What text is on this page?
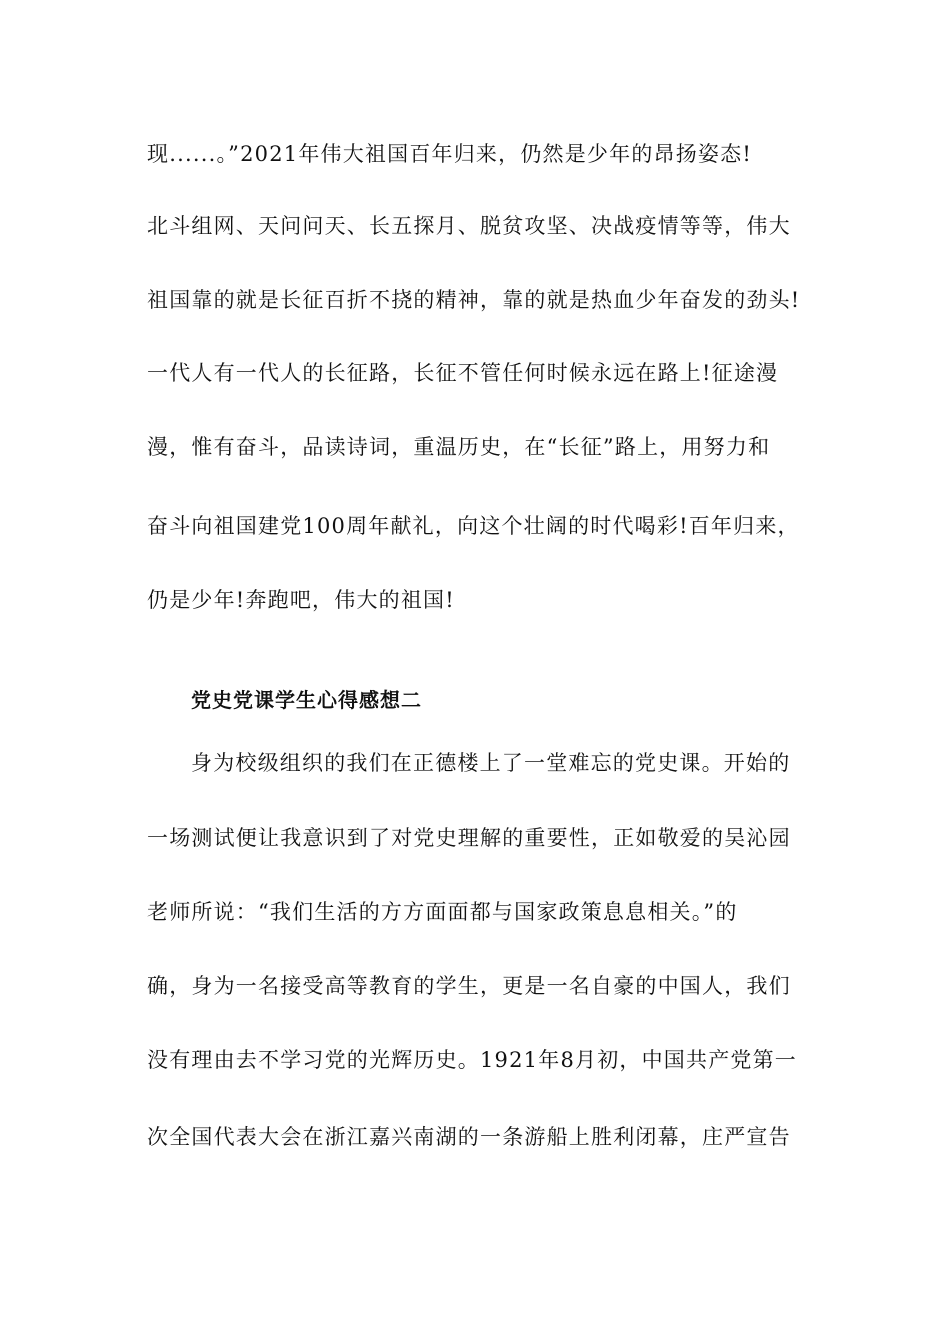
现......。”2021年伟大祖国百年归来，仍然是少年的昂扬姿态!
北斗组网、天问问天、长五探月、脱贫攻坚、决战疫情等等，伟大
祖国靠的就是长征百折不挠的精神，靠的就是热血少年奋发的劲头!
一代人有一代人的长征路，长征不管任何时候永远在路上!征途漫
漫，惟有奋斗，品读诗词，重温历史，在“长征”路上，用努力和
奋斗向祖国建党100周年献礼，向这个壮阔的时代喝彩!百年归来，
仍是少年!奔跑吧，伟大的祖国!
党史党课学生心得感想二
身为校级组织的我们在正德楼上了一堂难忘的党史课。开始的
一场测试便让我意识到了对党史理解的重要性，正如敬爱的吴沁园
老师所说：“我们生活的方方面面都与国家政策息息相关。”的
确，身为一名接受高等教育的学生，更是一名自豪的中国人，我们
没有理由去不学习党的光辉历史。1921年8月初，中国共产党第一
次全国代表大会在浙江嘉兴南湖的一条游船上胜利闭幕，庄严宣告
